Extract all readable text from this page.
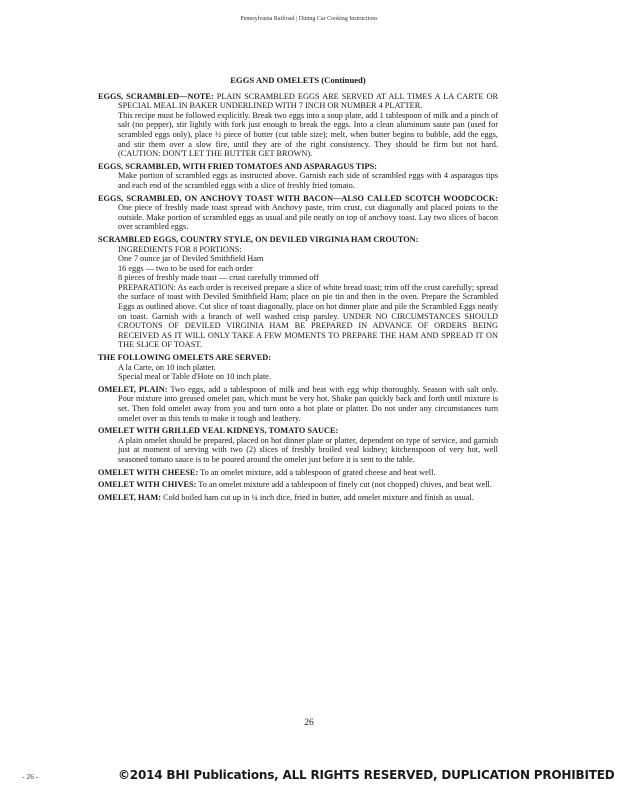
Pennsylvania Railroad | Dining Car Cooking Instructions
EGGS AND OMELETS (Continued)
EGGS, SCRAMBLED—NOTE: PLAIN SCRAMBLED EGGS ARE SERVED AT ALL TIMES A LA CARTE OR SPECIAL MEAL IN BAKER UNDERLINED WITH 7 INCH OR NUMBER 4 PLATTER.
This recipe must be followed explicitly. Break two eggs into a soup plate, add 1 tablespoon of milk and a pinch of salt (no pepper), stir lightly with fork just enough to break the eggs. Into a clean aluminum saute pan (used for scrambled eggs only), place ½ piece of butter (cut table size); melt, when butter begins to bubble, add the eggs, and stir them over a slow fire, until they are of the right consistency. They should be firm but not hard. (CAUTION: DON'T LET THE BUTTER GET BROWN).
EGGS, SCRAMBLED, WITH FRIED TOMATOES AND ASPARAGUS TIPS:
Make portion of scrambled eggs as instructed above. Garnish each side of scrambled eggs with 4 asparagus tips and each end of the scrambled eggs with a slice of freshly fried tomato.
EGGS, SCRAMBLED, ON ANCHOVY TOAST WITH BACON—ALSO CALLED SCOTCH WOODCOCK: One piece of freshly made toast spread with Anchovy paste, trim crust, cut diagonally and placed points to the outside. Make portion of scrambled eggs as usual and pile neatly on top of anchovy toast. Lay two slices of bacon over scrambled eggs.
SCRAMBLED EGGS, COUNTRY STYLE, ON DEVILED VIRGINIA HAM CROUTON:
INGREDIENTS FOR 8 PORTIONS:
One 7 ounce jar of Deviled Smithfield Ham
16 eggs — two to be used for each order
8 pieces of freshly made toast — crust carefully trimmed off
PREPARATION: As each order is received prepare a slice of white bread toast; trim off the crust carefully; spread the surface of toast with Deviled Smithfield Ham; place on pie tin and then in the oven. Prepare the Scrambled Eggs as outlined above. Cut slice of toast diagonally, place on hot dinner plate and pile the Scrambled Eggs neatly on toast. Garnish with a branch of well washed crisp parsley. UNDER NO CIRCUMSTANCES SHOULD CROUTONS OF DEVILED VIRGINIA HAM BE PREPARED IN ADVANCE OF ORDERS BEING RECEIVED AS IT WILL ONLY TAKE A FEW MOMENTS TO PREPARE THE HAM AND SPREAD IT ON THE SLICE OF TOAST.
THE FOLLOWING OMELETS ARE SERVED:
A la Carte, on 10 inch platter.
Special meal or Table d'Hote on 10 inch plate.
OMELET, PLAIN: Two eggs, add a tablespoon of milk and beat with egg whip thoroughly. Season with salt only. Pour mixture into greased omelet pan, which must be very hot. Shake pan quickly back and forth until mixture is set. Then fold omelet away from you and turn onto a hot plate or platter. Do not under any circumstances turn omelet over as this tends to make it tough and leathery.
OMELET WITH GRILLED VEAL KIDNEYS, TOMATO SAUCE:
A plain omelet should be prepared, placed on hot dinner plate or platter, dependent on type of service, and garnish just at moment of serving with two (2) slices of freshly broiled veal kidney; kitchenspoon of very hot, well seasoned tomato sauce is to be poured around the omelet just before it is sent to the table.
OMELET WITH CHEESE: To an omelet mixture, add a tablespoon of grated cheese and beat well.
OMELET WITH CHIVES: To an omelet mixture add a tablespoon of finely cut (not chopped) chives, and beat well.
OMELET, HAM: Cold boiled ham cut up in ¼ inch dice, fried in butter, add omelet mixture and finish as usual.
26
- 26 -	©2014 BHI Publications, ALL RIGHTS RESERVED, DUPLICATION PROHIBITED
